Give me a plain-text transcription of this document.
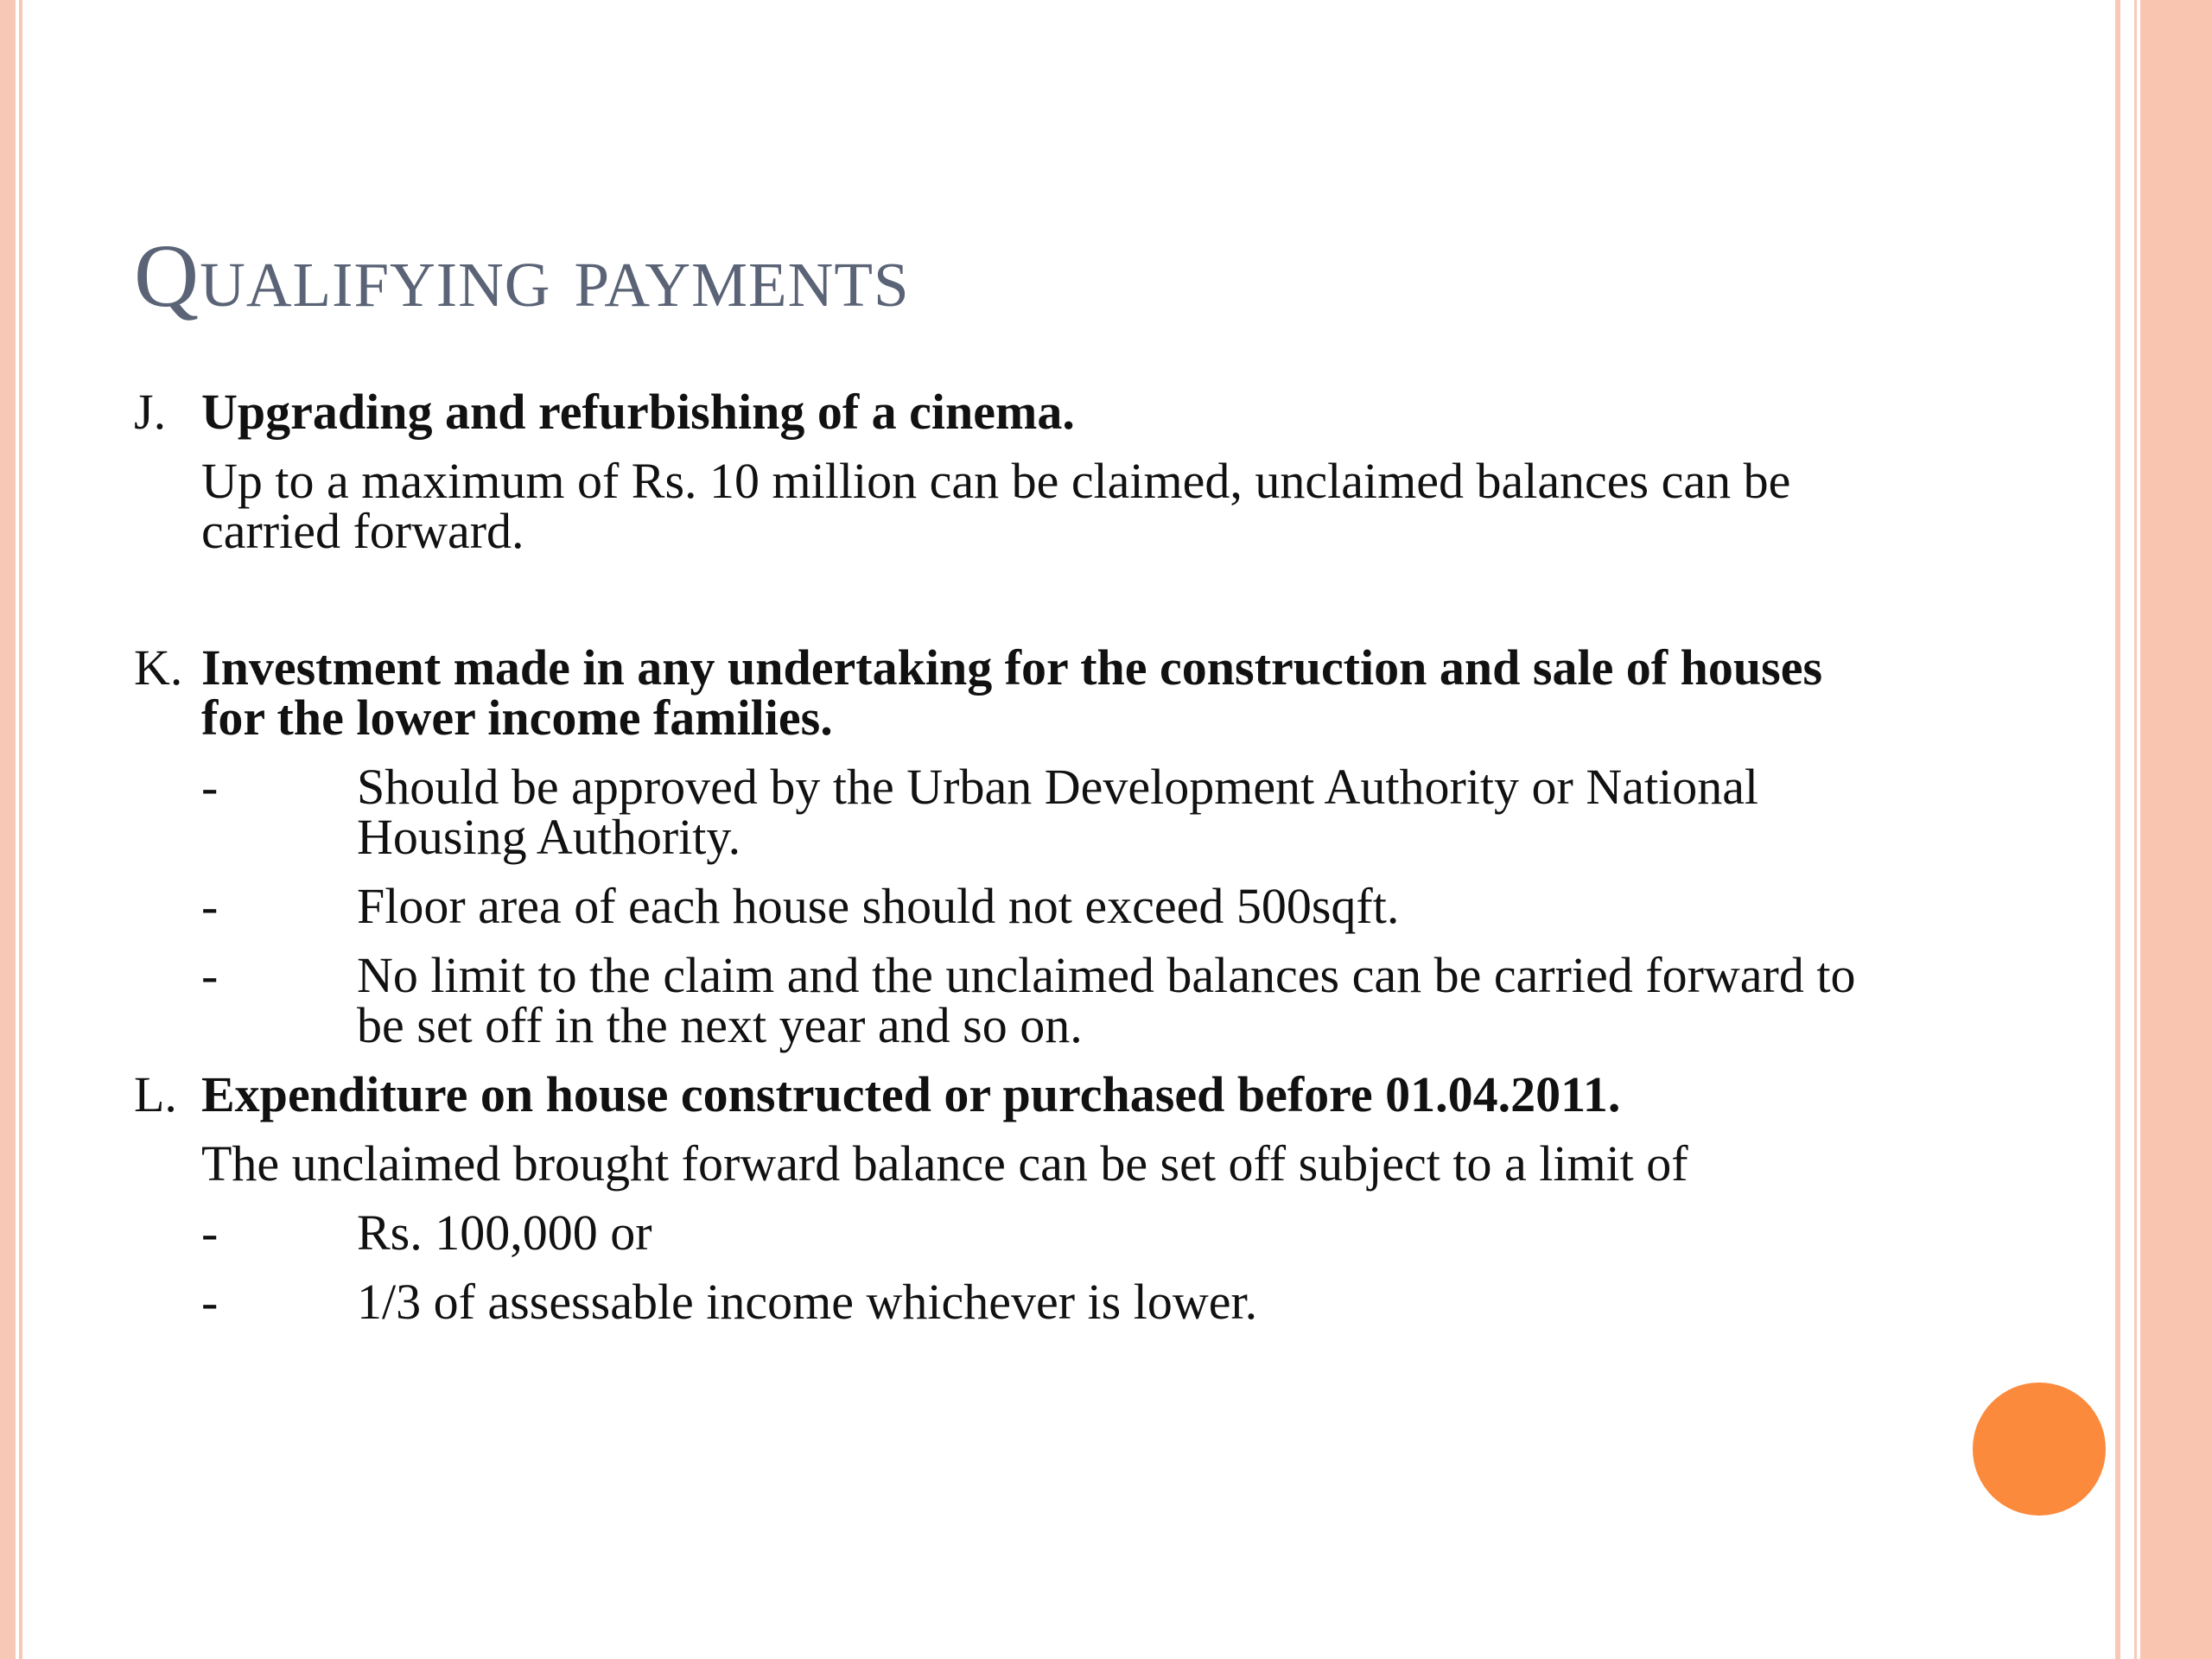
Qualifying payments
J. Upgrading and refurbishing of a cinema.
Up to a maximum of Rs. 10 million can be claimed, unclaimed balances can be carried forward.
K. Investment made in any undertaking for the construction and sale of houses for the lower income families.
-	Should be approved by the Urban Development Authority or National Housing Authority.
-	Floor area of each house should not exceed 500sqft.
-	No limit to the claim and the unclaimed balances can be carried forward to be set off in the next year and so on.
L. Expenditure on house constructed or purchased before 01.04.2011.
The unclaimed brought forward balance can be set off subject to a limit of
-	Rs. 100,000 or
-	1/3 of assessable income whichever is lower.
